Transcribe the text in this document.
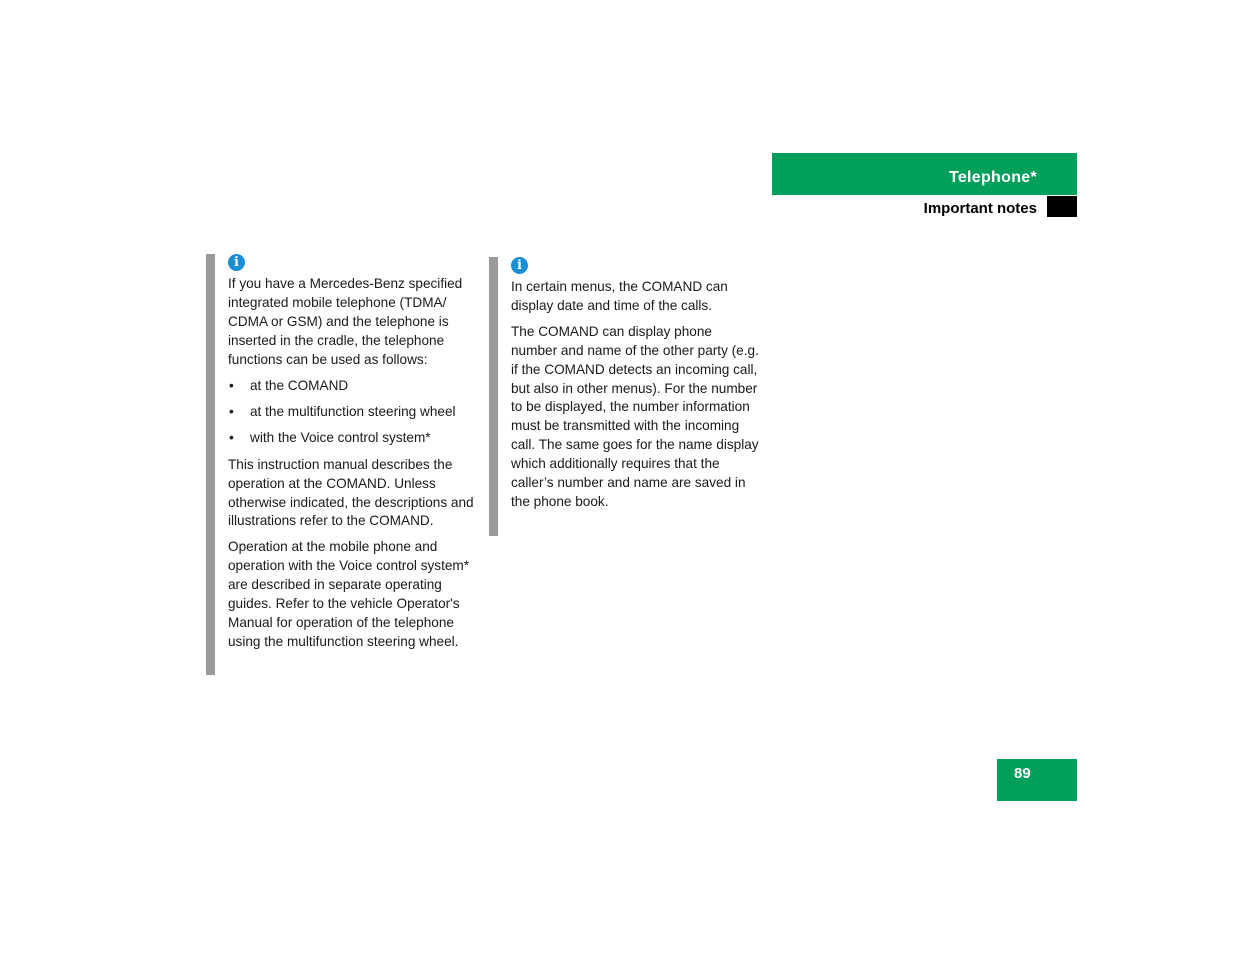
Telephone*
Important notes
i

If you have a Mercedes-Benz specified integrated mobile telephone (TDMA/ CDMA or GSM) and the telephone is inserted in the cradle, the telephone functions can be used as follows:

• at the COMAND
• at the multifunction steering wheel
• with the Voice control system*

This instruction manual describes the operation at the COMAND. Unless otherwise indicated, the descriptions and illustrations refer to the COMAND.

Operation at the mobile phone and operation with the Voice control system* are described in separate operating guides. Refer to the vehicle Operator's Manual for operation of the telephone using the multifunction steering wheel.

i

In certain menus, the COMAND can display date and time of the calls.

The COMAND can display phone number and name of the other party (e.g. if the COMAND detects an incoming call, but also in other menus). For the number to be displayed, the number information must be transmitted with the incoming call. The same goes for the name display which additionally requires that the caller’s number and name are saved in the phone book.

89
